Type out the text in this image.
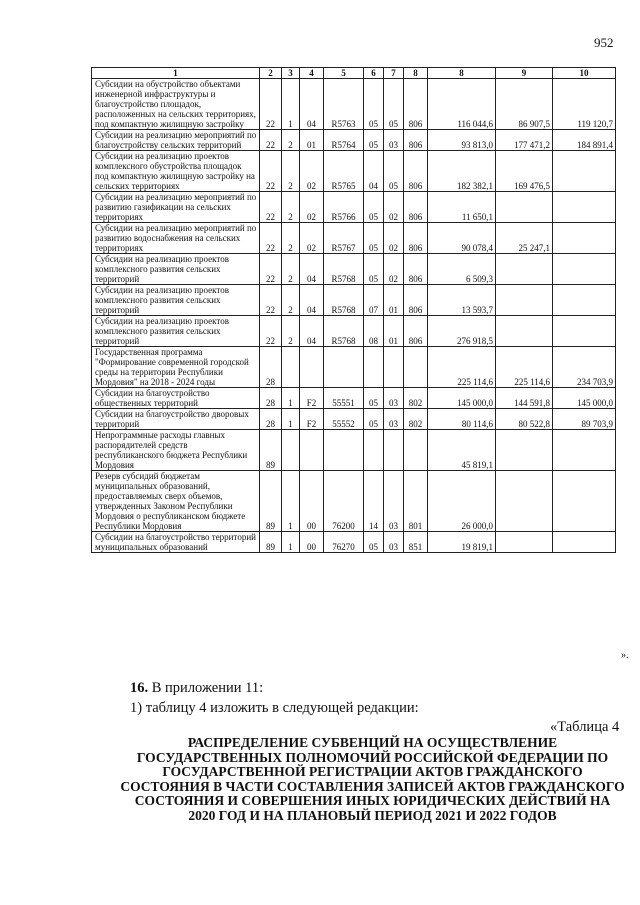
952
1	2	3	4	5	6	7	8	8	9	10
Субсидии на обустройство объектами инженерной инфраструктуры и благоустройство площадок, расположенных на сельских территориях, под компактную жилищную застройку	22	1	04	R5763	05	05	806	116 044,6	86 907,5	119 120,7
Субсидии на реализацию мероприятий по благоустройству сельских территорий	22	2	01	R5764	05	03	806	93 813,0	177 471,2	184 891,4
Субсидии на реализацию проектов комплексного обустройства площадок под компактную жилищную застройку на сельских территориях	22	2	02	R5765	04	05	806	182 382,1	169 476,5	
Субсидии на реализацию мероприятий по развитию газификации на сельских территориях	22	2	02	R5766	05	02	806	11 650,1		
Субсидии на реализацию мероприятий по развитию водоснабжения на сельских территориях	22	2	02	R5767	05	02	806	90 078,4	25 247,1	
Субсидии на реализацию проектов комплексного развития сельских территорий	22	2	04	R5768	05	02	806	6 509,3		
Субсидии на реализацию проектов комплексного развития сельских территорий	22	2	04	R5768	07	01	806	13 593,7		
Субсидии на реализацию проектов комплексного развития сельских территорий	22	2	04	R5768	08	01	806	276 918,5		
Государственная программа "Формирование современной городской среды на территории Республики Мордовия" на 2018 - 2024 годы	28							225 114,6	225 114,6	234 703,9
Субсидии на благоустройство общественных территорий	28	1	F2	55551	05	03	802	145 000,0	144 591,8	145 000,0
Субсидии на благоустройство дворовых территорий	28	1	F2	55552	05	03	802	80 114,6	80 522,8	89 703,9
Непрограммные расходы главных распорядителей средств республиканского бюджета Республики Мордовия	89							45 819,1		
Резерв субсидий бюджетам муниципальных образований, предоставляемых сверх объемов, утвержденных Законом Республики Мордовия о республиканском бюджете Республики Мордовия	89	1	00	76200	14	03	801	26 000,0		
Субсидии на благоустройство территорий муниципальных образований	89	1	00	76270	05	03	851	19 819,1		
».
16. В приложении 11:
1) таблицу 4 изложить в следующей редакции:
«Таблица 4
РАСПРЕДЕЛЕНИЕ СУБВЕНЦИЙ НА ОСУЩЕСТВЛЕНИЕ ГОСУДАРСТВЕННЫХ ПОЛНОМОЧИЙ РОССИЙСКОЙ ФЕДЕРАЦИИ ПО ГОСУДАРСТВЕННОЙ РЕГИСТРАЦИИ АКТОВ ГРАЖДАНСКОГО СОСТОЯНИЯ В ЧАСТИ СОСТАВЛЕНИЯ ЗАПИСЕЙ АКТОВ ГРАЖДАНСКОГО СОСТОЯНИЯ И СОВЕРШЕНИЯ ИНЫХ ЮРИДИЧЕСКИХ ДЕЙСТВИЙ НА 2020 ГОД И НА ПЛАНОВЫЙ ПЕРИОД 2021 И 2022 ГОДОВ
